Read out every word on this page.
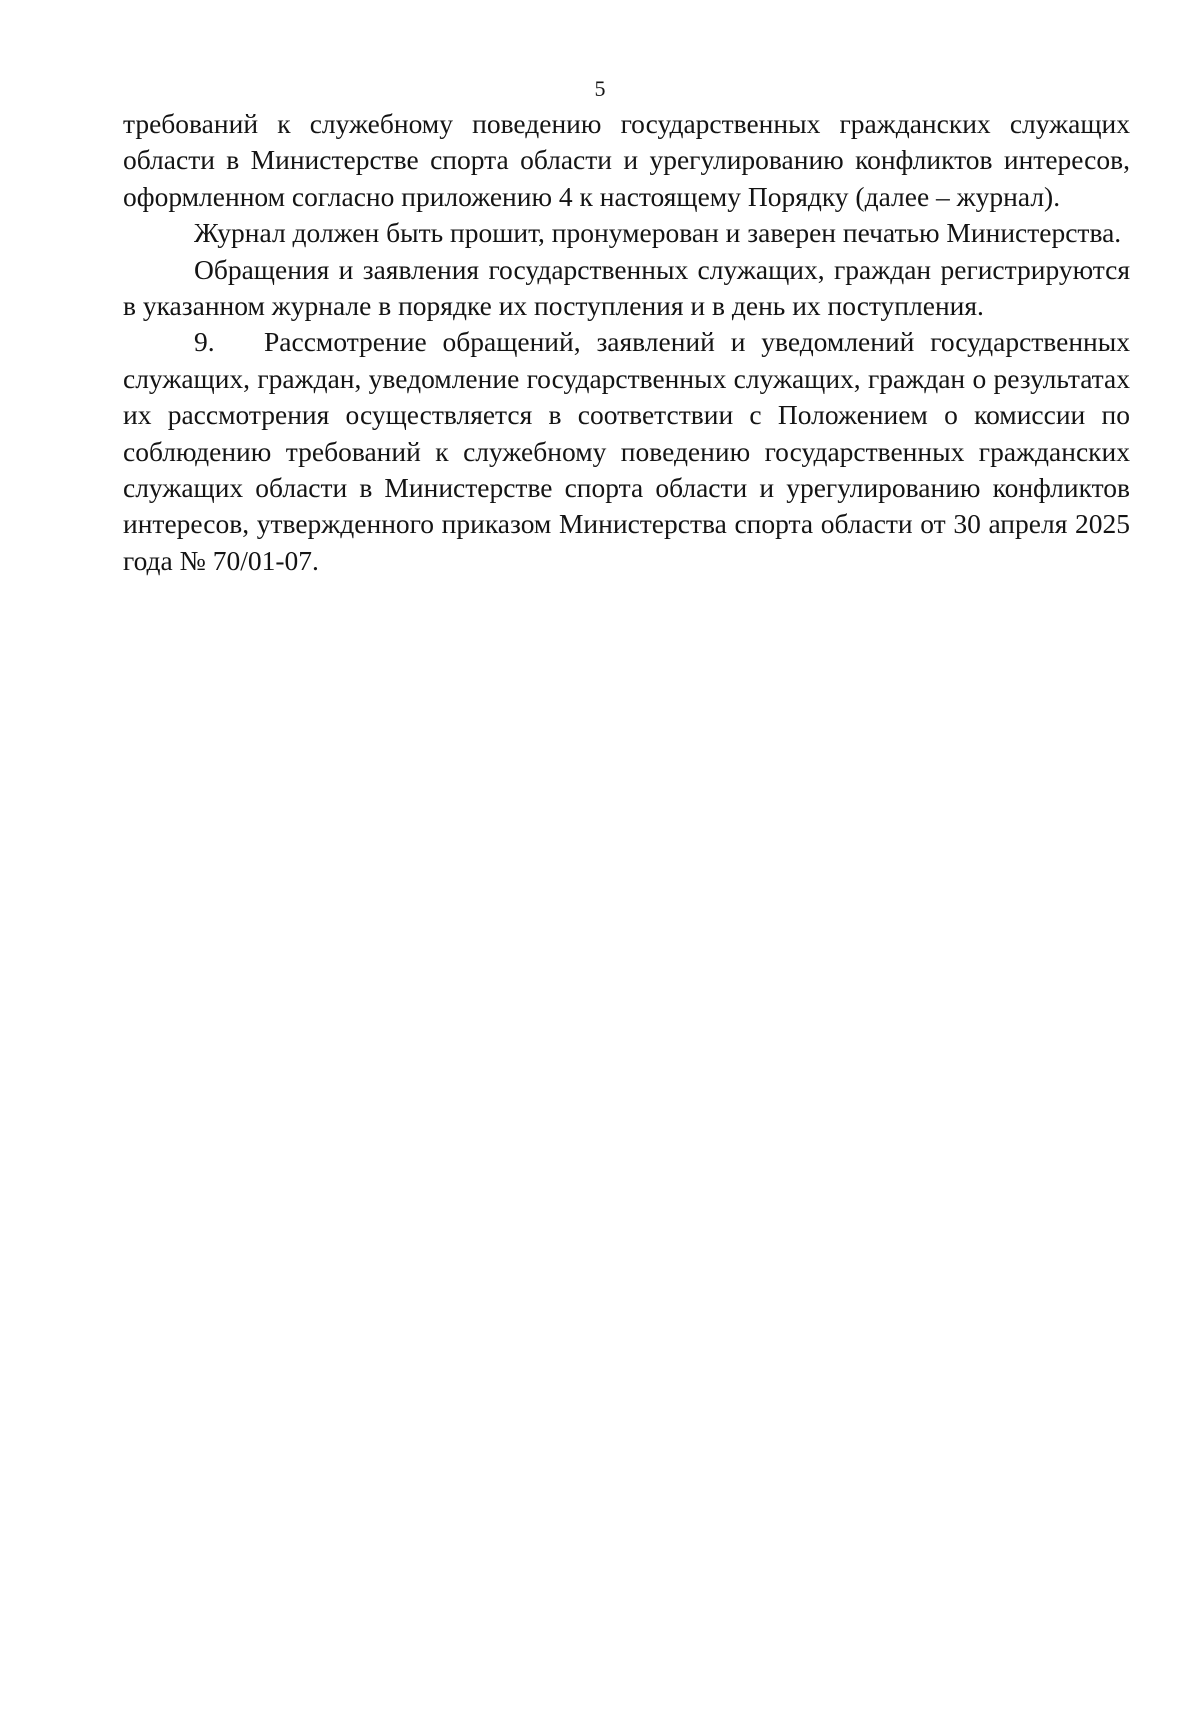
5

требований к служебному поведению государственных гражданских служащих области в Министерстве спорта области и урегулированию конфликтов интересов, оформленном согласно приложению 4 к настоящему Порядку (далее – журнал).

Журнал должен быть прошит, пронумерован и заверен печатью Министерства.

Обращения и заявления государственных служащих, граждан регистрируются в указанном журнале в порядке их поступления и в день их поступления.

9. Рассмотрение обращений, заявлений и уведомлений государственных служащих, граждан, уведомление государственных служащих, граждан о результатах их рассмотрения осуществляется в соответствии с Положением о комиссии по соблюдению требований к служебному поведению государственных гражданских служащих области в Министерстве спорта области и урегулированию конфликтов интересов, утвержденного приказом Министерства спорта области от 30 апреля 2025 года № 70/01-07.
